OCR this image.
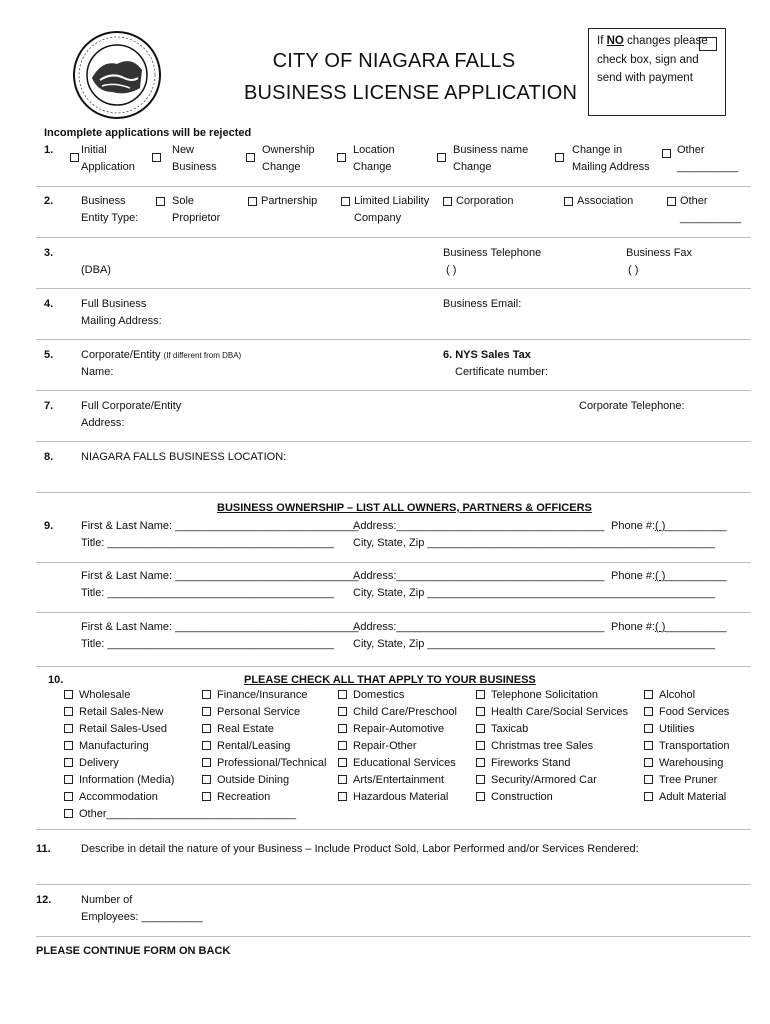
CITY OF NIAGARA FALLS
BUSINESS LICENSE APPLICATION
If NO changes please check box, sign and send with payment
Incomplete applications will be rejected
1.	Initial
Application
New
Business
Ownership
Change
Location
Change
Business name
Change
Change in
Mailing Address
Other
__________
2.	Business
Entity Type:
Sole
Proprietor
Partnership	Limited Liability
Company
Corporation	Association	Other
__________
3.
(DBA)
Business Telephone
( )
Business Fax
( )
4.	Full Business
Mailing Address:
Business Email:
5.	Corporate/Entity (If different from DBA)
Name:
6. NYS Sales Tax
Certificate number:
7.	Full Corporate/Entity
Address:
Corporate Telephone:
8.	NIAGARA FALLS BUSINESS LOCATION:
BUSINESS OWNERSHIP – LIST ALL OWNERS, PARTNERS & OFFICERS
9.	First & Last Name: ______________________________
Title: _____________________________________
Address:__________________________________
City, State, Zip _______________________________________________
Phone #:( )__________
First & Last Name: ______________________________
Title: _____________________________________
Address:__________________________________
City, State, Zip _______________________________________________
Phone #:( )__________
First & Last Name: ______________________________
Title: _____________________________________
Address:__________________________________
City, State, Zip _______________________________________________
Phone #:( )__________
10.	PLEASE CHECK ALL THAT APPLY TO YOUR BUSINESS
Wholesale
Retail Sales-New
Retail Sales-Used
Manufacturing
Delivery
Information (Media)
Accommodation
Other_______________________________
Finance/Insurance
Personal Service
Real Estate
Rental/Leasing
Professional/Technical
Outside Dining
Recreation
Domestics
Child Care/Preschool
Repair-Automotive
Repair-Other
Educational Services
Arts/Entertainment
Hazardous Material
Telephone Solicitation
Health Care/Social Services
Taxicab
Christmas tree Sales
Fireworks Stand
Security/Armored Car
Construction
Alcohol
Food Services
Utilities
Transportation
Warehousing
Tree Pruner
Adult Material
11.	Describe in detail the nature of your Business – Include Product Sold, Labor Performed and/or Services Rendered:
12.	Number of
Employees: __________
PLEASE CONTINUE FORM ON BACK
